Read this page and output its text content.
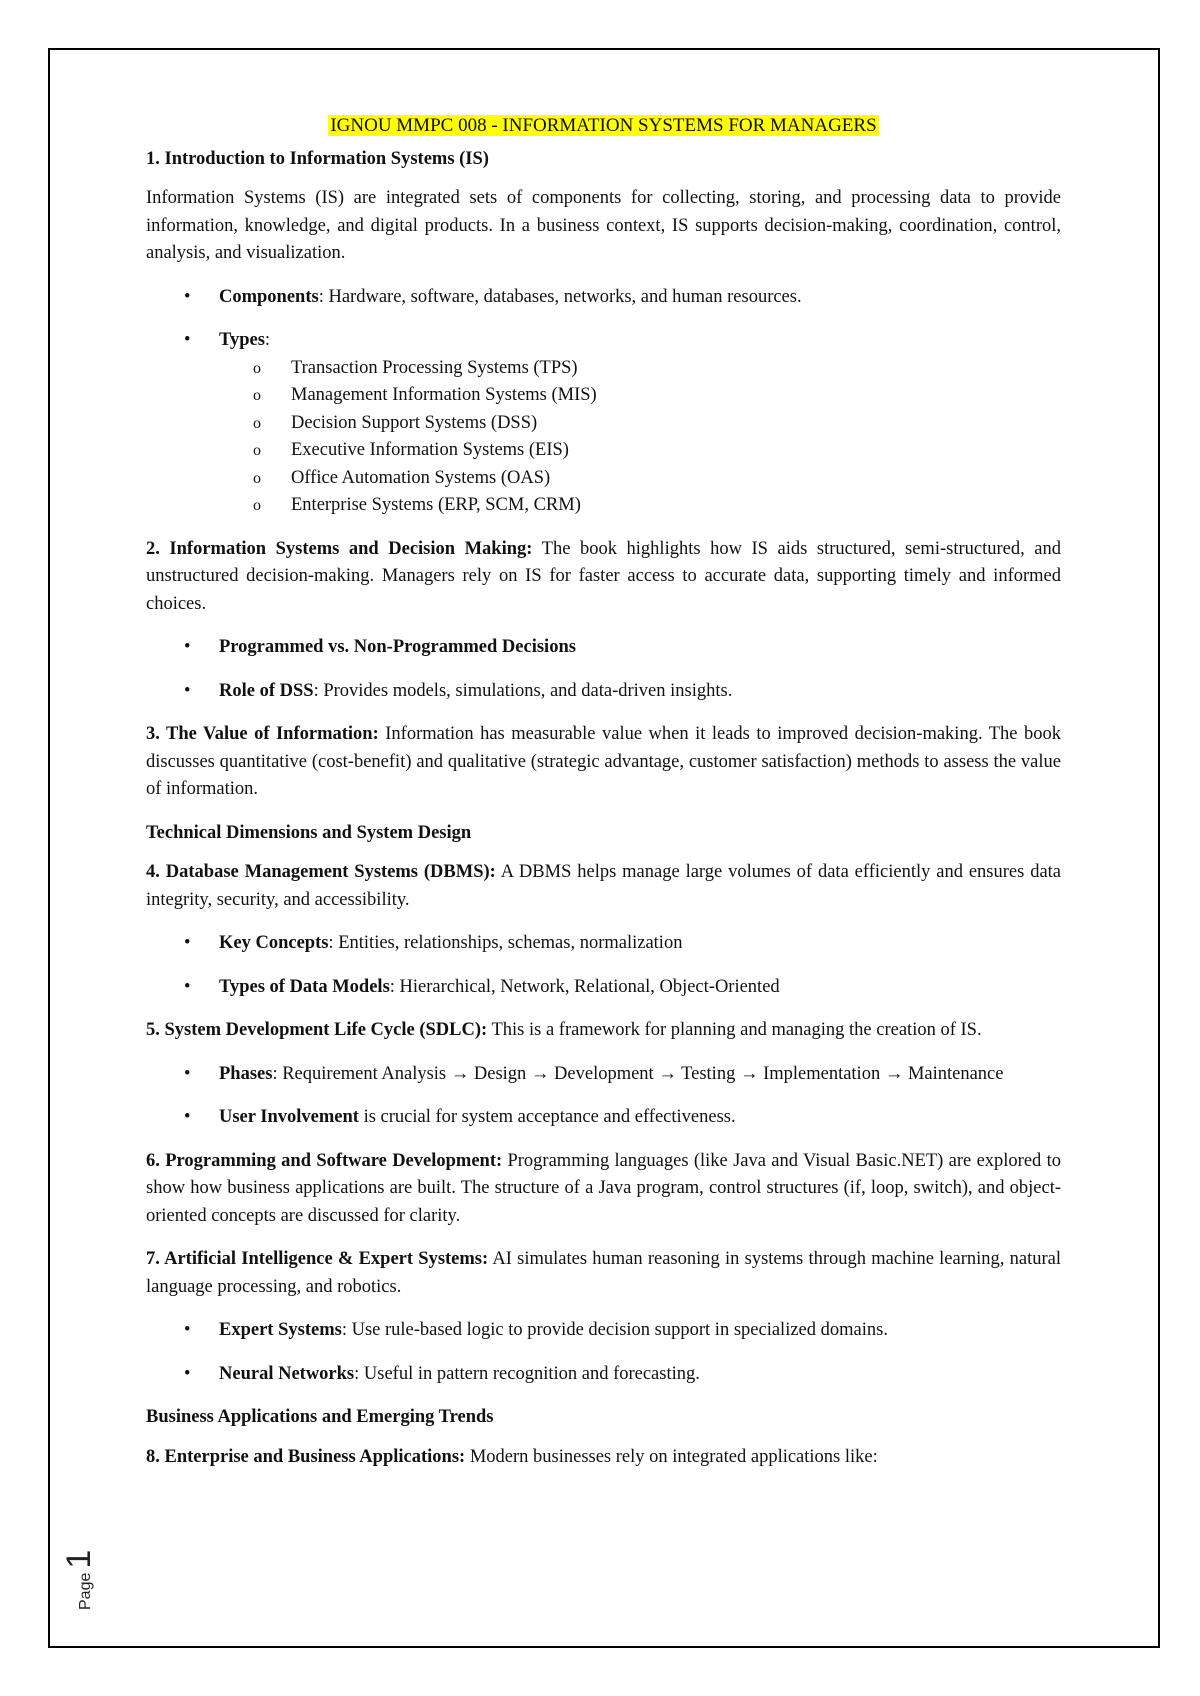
IGNOU MMPC 008 - INFORMATION SYSTEMS FOR MANAGERS
1. Introduction to Information Systems (IS)

Information Systems (IS) are integrated sets of components for collecting, storing, and processing data to provide information, knowledge, and digital products. In a business context, IS supports decision-making, coordination, control, analysis, and visualization.

• Components: Hardware, software, databases, networks, and human resources.
• Types:
o Transaction Processing Systems (TPS)
o Management Information Systems (MIS)
o Decision Support Systems (DSS)
o Executive Information Systems (EIS)
o Office Automation Systems (OAS)
o Enterprise Systems (ERP, SCM, CRM)

2. Information Systems and Decision Making: The book highlights how IS aids structured, semi-structured, and unstructured decision-making. Managers rely on IS for faster access to accurate data, supporting timely and informed choices.

• Programmed vs. Non-Programmed Decisions
• Role of DSS: Provides models, simulations, and data-driven insights.

3. The Value of Information: Information has measurable value when it leads to improved decision-making. The book discusses quantitative (cost-benefit) and qualitative (strategic advantage, customer satisfaction) methods to assess the value of information.

Technical Dimensions and System Design

4. Database Management Systems (DBMS): A DBMS helps manage large volumes of data efficiently and ensures data integrity, security, and accessibility.

• Key Concepts: Entities, relationships, schemas, normalization
• Types of Data Models: Hierarchical, Network, Relational, Object-Oriented

5. System Development Life Cycle (SDLC): This is a framework for planning and managing the creation of IS.

• Phases: Requirement Analysis → Design → Development → Testing → Implementation → Maintenance
• User Involvement is crucial for system acceptance and effectiveness.

6. Programming and Software Development: Programming languages (like Java and Visual Basic.NET) are explored to show how business applications are built. The structure of a Java program, control structures (if, loop, switch), and object-oriented concepts are discussed for clarity.

7. Artificial Intelligence & Expert Systems: AI simulates human reasoning in systems through machine learning, natural language processing, and robotics.

• Expert Systems: Use rule-based logic to provide decision support in specialized domains.
• Neural Networks: Useful in pattern recognition and forecasting.
Business Applications and Emerging Trends

8. Enterprise and Business Applications: Modern businesses rely on integrated applications like:

Page1
